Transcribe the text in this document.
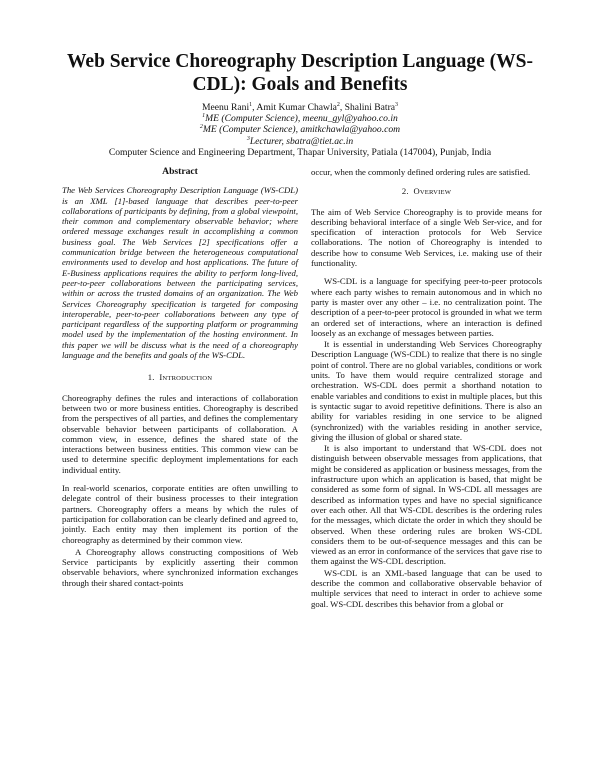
Web Service Choreography Description Language (WS-CDL): Goals and Benefits
Meenu Rani$^1$, Amit Kumar Chawla$^2$, Shalini Batra$^3$
$^1$ME (Computer Science), meenu_gyl@yahoo.co.in
$^2$ME (Computer Science), amitkchawla@yahoo.com
$^3$Lecturer, sbatra@tiet.ac.in
Computer Science and Engineering Department, Thapar University, Patiala (147004), Punjab, India
Abstract

The Web Services Choreography Description Language (WS-CDL) is an XML [1]-based language that describes peer-to-peer collaborations of participants by defining, from a global viewpoint, their common and complementary observable behavior; where ordered message exchanges result in accomplishing a common business goal. The Web Services [2] specifications offer a communication bridge between the heterogeneous computational environments used to develop and host applications. The future of E-Business applications requires the ability to perform long-lived, peer-to-peer collaborations between the participating services, within or across the trusted domains of an organization. The Web Services Choreography specification is targeted for composing interoperable, peer-to-peer collaborations between any type of participant regardless of the supporting platform or programming model used by the implementation of the hosting environment. In this paper we will be discuss what is the need of a choreography language and the benefits and goals of the WS-CDL.

1. INTRODUCTION

Choreography defines the rules and interactions of collaboration between two or more business entities. Choreography is described from the perspectives of all parties, and defines the complementary observable behavior between participants of collaboration. A common view, in essence, defines the shared state of the interactions between business entities. This common view can be used to determine specific deployment implementations for each individual entity.

In real-world scenarios, corporate entities are often unwilling to delegate control of their business processes to their integration partners. Choreography offers a means by which the rules of participation for collaboration can be clearly defined and agreed to, jointly. Each entity may then implement its portion of the choreography as determined by their common view.

A Choreography allows constructing compositions of Web Service participants by explicitly asserting their common observable behaviors, where synchronized information exchanges through their shared contact-points

occur, when the commonly defined ordering rules are satisfied.

2. OVERVIEW

The aim of Web Service Choreography is to provide means for describing behavioral interface of a single Web Ser-vice, and for specification of interaction protocols for Web Service collaborations. The notion of Choreography is intended to describe how to consume Web Services, i.e. making use of their functionality.

WS-CDL is a language for specifying peer-to-peer protocols where each party wishes to remain autonomous and in which no party is master over any other – i.e. no centralization point. The description of a peer-to-peer protocol is grounded in what we term an ordered set of interactions, where an interaction is defined loosely as an exchange of messages between parties.

It is essential in understanding Web Services Choreography Description Language (WS-CDL) to realize that there is no single point of control. There are no global variables, conditions or work units. To have them would require centralized storage and orchestration. WS-CDL does permit a shorthand notation to enable variables and conditions to exist in multiple places, but this is syntactic sugar to avoid repetitive definitions. There is also an ability for variables residing in one service to be aligned (synchronized) with the variables residing in another service, giving the illusion of global or shared state.

It is also important to understand that WS-CDL does not distinguish between observable messages from applications, that might be considered as application or business messages, from the infrastructure upon which an application is based, that might be considered as some form of signal. In WS-CDL all messages are described as information types and have no special significance over each other. All that WS-CDL describes is the ordering rules for the messages, which dictate the order in which they should be observed. When these ordering rules are broken WS-CDL considers them to be out-of-sequence messages and this can be viewed as an error in conformance of the services that gave rise to them against the WS-CDL description.

WS-CDL is an XML-based language that can be used to describe the common and collaborative observable behavior of multiple services that need to interact in order to achieve some goal. WS-CDL describes this behavior from a global or
